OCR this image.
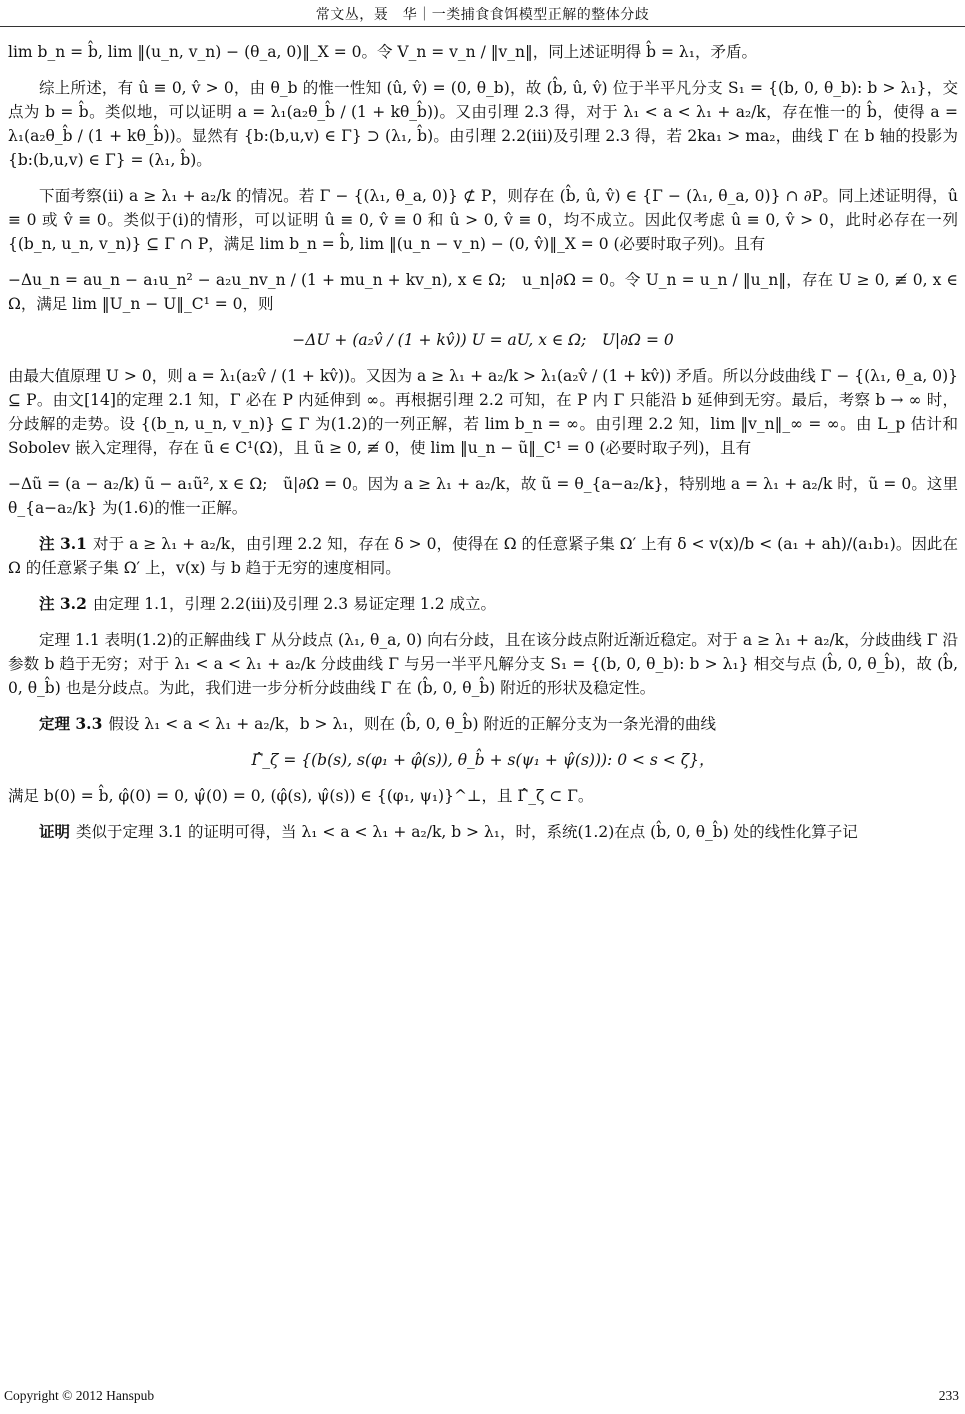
常文丛，聂　华｜一类捕食食饵模型正解的整体分歧

lim b_n = b̂, lim ‖(u_n, v_n) − (θ_a, 0)‖_X = 0。令 V_n = v_n / ‖v_n‖，同上述证明得 b̂ = λ₁，矛盾。

综上所述，有 û ≡ 0, v̂ > 0，由 θ_b 的惟一性知 (û, v̂) = (0, θ_b)，故 (b̂, û, v̂) 位于半平凡分支 S₁ = {(b, 0, θ_b): b > λ₁}，交点为 b = b̂。类似地，可以证明 a = λ₁(a₂θ_b̂ / (1 + kθ_b̂))。又由引理 2.3 得，对于 λ₁ < a < λ₁ + a₂/k，存在惟一的 b̂，使得 a = λ₁(a₂θ_b̂ / (1 + kθ_b̂))。显然有 {b:(b,u,v) ∈ Γ} ⊃ (λ₁, b̂)。由引理 2.2(iii)及引理 2.3 得，若 2ka₁ > ma₂，曲线 Γ 在 b 轴的投影为 {b:(b,u,v) ∈ Γ} = (λ₁, b̂)。

下面考察(ii) a ≥ λ₁ + a₂/k 的情况。若 Γ − {(λ₁, θ_a, 0)} ⊄ P，则存在 (b̂, û, v̂) ∈ {Γ − (λ₁, θ_a, 0)} ∩ ∂P。同上述证明得，û ≡ 0 或 v̂ ≡ 0。类似于(i)的情形，可以证明 û ≡ 0, v̂ ≡ 0 和 û > 0, v̂ ≡ 0，均不成立。因此仅考虑 û ≡ 0, v̂ > 0，此时必存在一列 {(b_n, u_n, v_n)} ⊆ Γ ∩ P，满足 lim b_n = b̂, lim ‖(u_n − v_n) − (0, v̂)‖_X = 0 (必要时取子列)。且有

−Δu_n = au_n − a₁u_n² − a₂u_nv_n / (1 + mu_n + kv_n), x ∈ Ω;　u_n|∂Ω = 0。令 U_n = u_n / ‖u_n‖，存在 U ≥ 0, ≢ 0, x ∈ Ω，满足 lim ‖U_n − U‖_C¹ = 0，则

−ΔU + (a₂v̂ / (1 + kv̂)) U = aU, x ∈ Ω;　U|∂Ω = 0

由最大值原理 U > 0，则 a = λ₁(a₂v̂ / (1 + kv̂))。又因为 a ≥ λ₁ + a₂/k > λ₁(a₂v̂ / (1 + kv̂)) 矛盾。所以分歧曲线 Γ − {(λ₁, θ_a, 0)} ⊆ P。由文[14]的定理 2.1 知，Γ 必在 P 内延伸到 ∞。再根据引理 2.2 可知，在 P 内 Γ 只能沿 b 延伸到无穷。最后，考察 b → ∞ 时，分歧解的走势。设 {(b_n, u_n, v_n)} ⊆ Γ 为(1.2)的一列正解，若 lim b_n = ∞。由引理 2.2 知，lim ‖v_n‖_∞ = ∞。由 L_p 估计和 Sobolev 嵌入定理得，存在 ũ ∈ C¹(Ω)，且 ũ ≥ 0, ≢ 0，使 lim ‖u_n − ũ‖_C¹ = 0 (必要时取子列)，且有

−Δũ = (a − a₂/k) ũ − a₁ũ², x ∈ Ω;　ũ|∂Ω = 0。因为 a ≥ λ₁ + a₂/k，故 ũ = θ_{a−a₂/k}，特别地 a = λ₁ + a₂/k 时，ũ = 0。这里 θ_{a−a₂/k} 为(1.6)的惟一正解。

注 3.1 对于 a ≥ λ₁ + a₂/k，由引理 2.2 知，存在 δ > 0，使得在 Ω 的任意紧子集 Ω′ 上有 δ < v(x)/b < (a₁ + ah)/(a₁b₁)。因此在 Ω 的任意紧子集 Ω′ 上，v(x) 与 b 趋于无穷的速度相同。

注 3.2 由定理 1.1，引理 2.2(iii)及引理 2.3 易证定理 1.2 成立。

定理 1.1 表明(1.2)的正解曲线 Γ 从分歧点 (λ₁, θ_a, 0) 向右分歧，且在该分歧点附近渐近稳定。对于 a ≥ λ₁ + a₂/k，分歧曲线 Γ 沿参数 b 趋于无穷；对于 λ₁ < a < λ₁ + a₂/k 分歧曲线 Γ 与另一半平凡解分支 S₁ = {(b, 0, θ_b): b > λ₁} 相交与点 (b̂, 0, θ_b̂)，故 (b̂, 0, θ_b̂) 也是分歧点。为此，我们进一步分析分歧曲线 Γ 在 (b̂, 0, θ_b̂) 附近的形状及稳定性。

定理 3.3 假设 λ₁ < a < λ₁ + a₂/k，b > λ₁，则在 (b̂, 0, θ_b̂) 附近的正解分支为一条光滑的曲线

Γ̂_ζ = {(b(s), s(φ₁ + φ̂(s)), θ_b̂ + s(ψ₁ + ψ̂(s))): 0 < s < ζ}，

满足 b(0) = b̂, φ̂(0) = 0, ψ̂(0) = 0, (φ̂(s), ψ̂(s)) ∈ {(φ₁, ψ₁)}^⊥，且 Γ̂_ζ ⊂ Γ。

证明 类似于定理 3.1 的证明可得，当 λ₁ < a < λ₁ + a₂/k, b > λ₁，时，系统(1.2)在点 (b̂, 0, θ_b̂) 处的线性化算子记

Copyright © 2012 Hanspub	233
